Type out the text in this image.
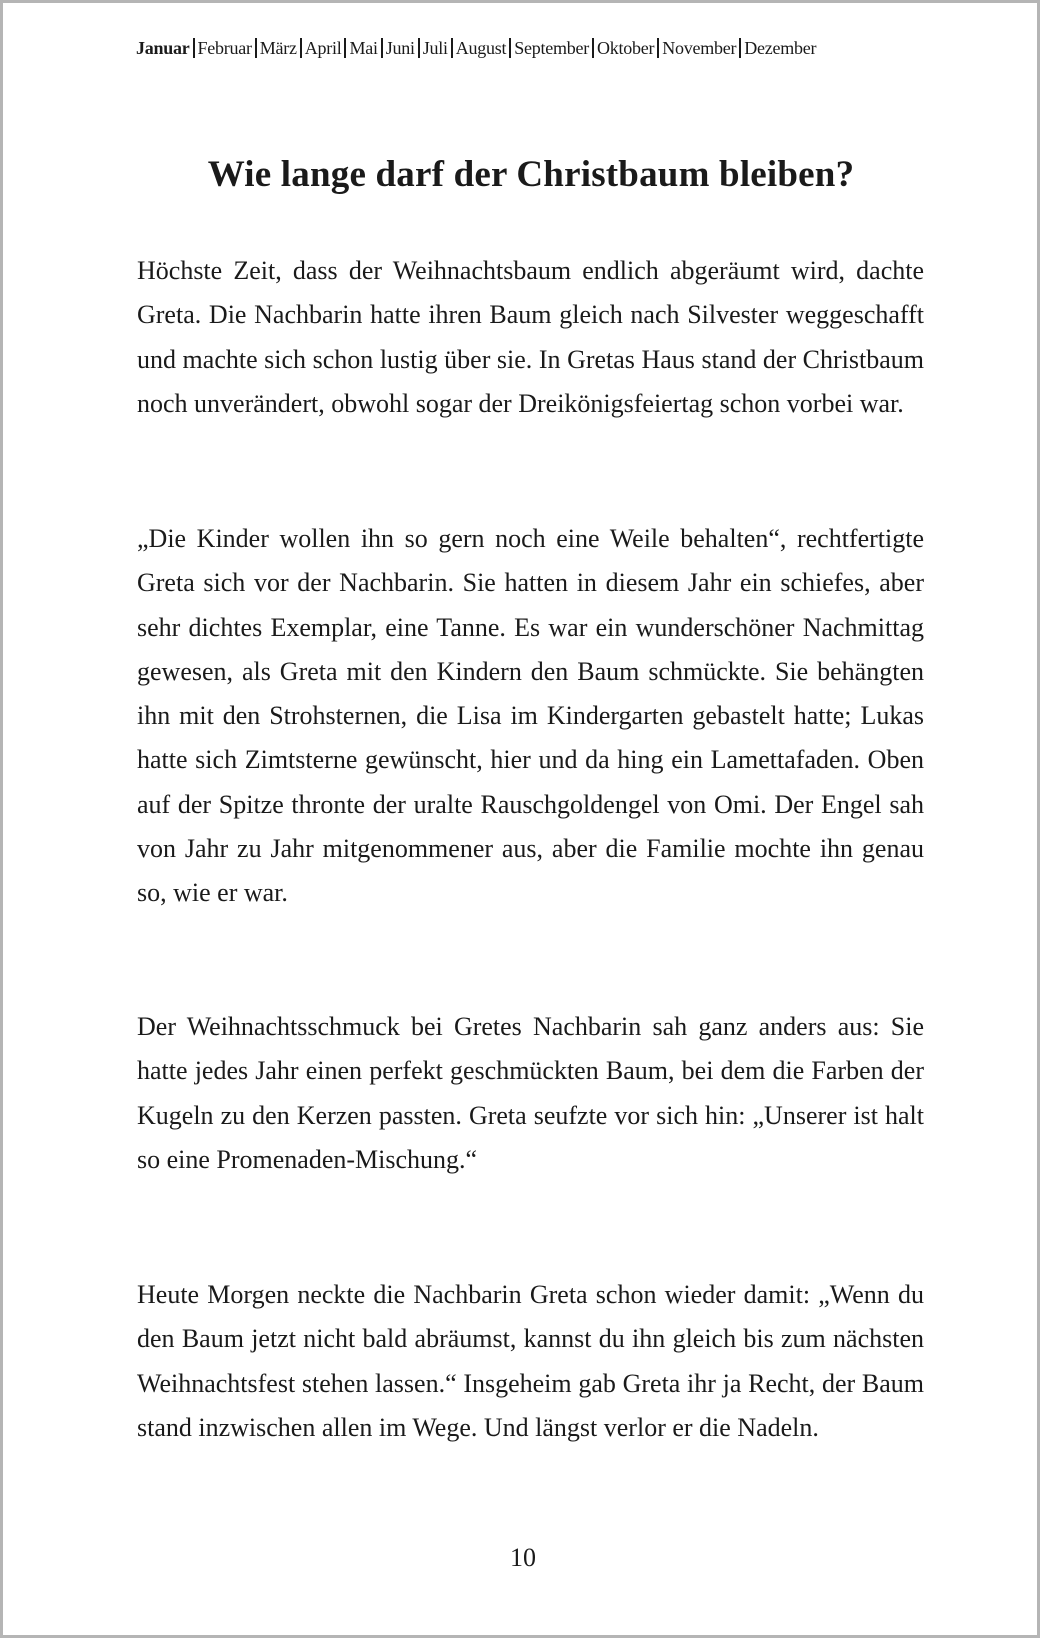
Januar Februar März April Mai Juni Juli August September Oktober November Dezember
Wie lange darf der Christbaum bleiben?

Höchste Zeit, dass der Weihnachtsbaum endlich abgeräumt wird, dachte Greta. Die Nachbarin hatte ihren Baum gleich nach Silvester weggeschafft und machte sich schon lustig über sie. In Gretas Haus stand der Christbaum noch unverändert, obwohl sogar der Dreikönigsfeiertag schon vorbei war.

„Die Kinder wollen ihn so gern noch eine Weile behalten“, rechtfertigte Greta sich vor der Nachbarin. Sie hatten in diesem Jahr ein schiefes, aber sehr dichtes Exemplar, eine Tanne. Es war ein wunderschöner Nachmittag gewesen, als Greta mit den Kindern den Baum schmückte. Sie behängten ihn mit den Strohsternen, die Lisa im Kindergarten gebastelt hatte; Lukas hatte sich Zimtsterne gewünscht, hier und da hing ein Lamettafaden. Oben auf der Spitze thronte der uralte Rauschgoldengel von Omi. Der Engel sah von Jahr zu Jahr mitgenommener aus, aber die Familie mochte ihn genau so, wie er war.

Der Weihnachtsschmuck bei Gretes Nachbarin sah ganz anders aus: Sie hatte jedes Jahr einen perfekt geschmückten Baum, bei dem die Farben der Kugeln zu den Kerzen passten. Greta seufzte vor sich hin: „Unserer ist halt so eine Promenaden-Mischung.“

Heute Morgen neckte die Nachbarin Greta schon wieder damit: „Wenn du den Baum jetzt nicht bald abräumst, kannst du ihn gleich bis zum nächsten Weihnachtsfest stehen lassen.“ Insgeheim gab Greta ihr ja Recht, der Baum stand inzwischen allen im Wege. Und längst verlor er die Nadeln.

10
